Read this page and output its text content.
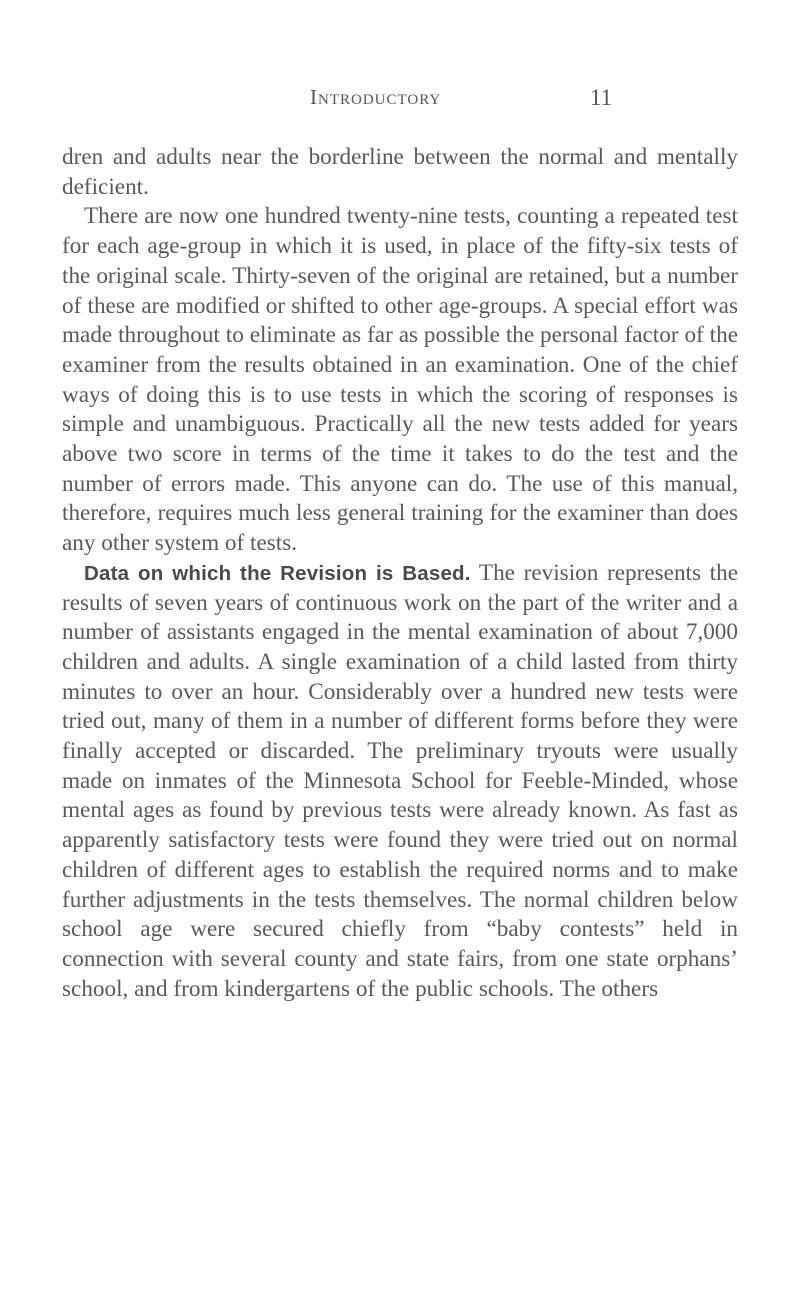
Introductory	11

dren and adults near the borderline between the normal and mentally deficient.

There are now one hundred twenty-nine tests, counting a repeated test for each age-group in which it is used, in place of the fifty-six tests of the original scale. Thirty-seven of the original are retained, but a number of these are modified or shifted to other age-groups. A special effort was made throughout to eliminate as far as possible the personal factor of the examiner from the results obtained in an examination. One of the chief ways of doing this is to use tests in which the scoring of responses is simple and unambiguous. Practically all the new tests added for years above two score in terms of the time it takes to do the test and the number of errors made. This anyone can do. The use of this manual, therefore, requires much less general training for the examiner than does any other system of tests.

Data on which the Revision is Based. The revision represents the results of seven years of continuous work on the part of the writer and a number of assistants engaged in the mental examination of about 7,000 children and adults. A single examination of a child lasted from thirty minutes to over an hour. Considerably over a hundred new tests were tried out, many of them in a number of different forms before they were finally accepted or discarded. The preliminary tryouts were usually made on inmates of the Minnesota School for Feeble-Minded, whose mental ages as found by previous tests were already known. As fast as apparently satisfactory tests were found they were tried out on normal children of different ages to establish the required norms and to make further adjustments in the tests themselves. The normal children below school age were secured chiefly from “baby contests” held in connection with several county and state fairs, from one state orphans’ school, and from kindergartens of the public schools. The others
